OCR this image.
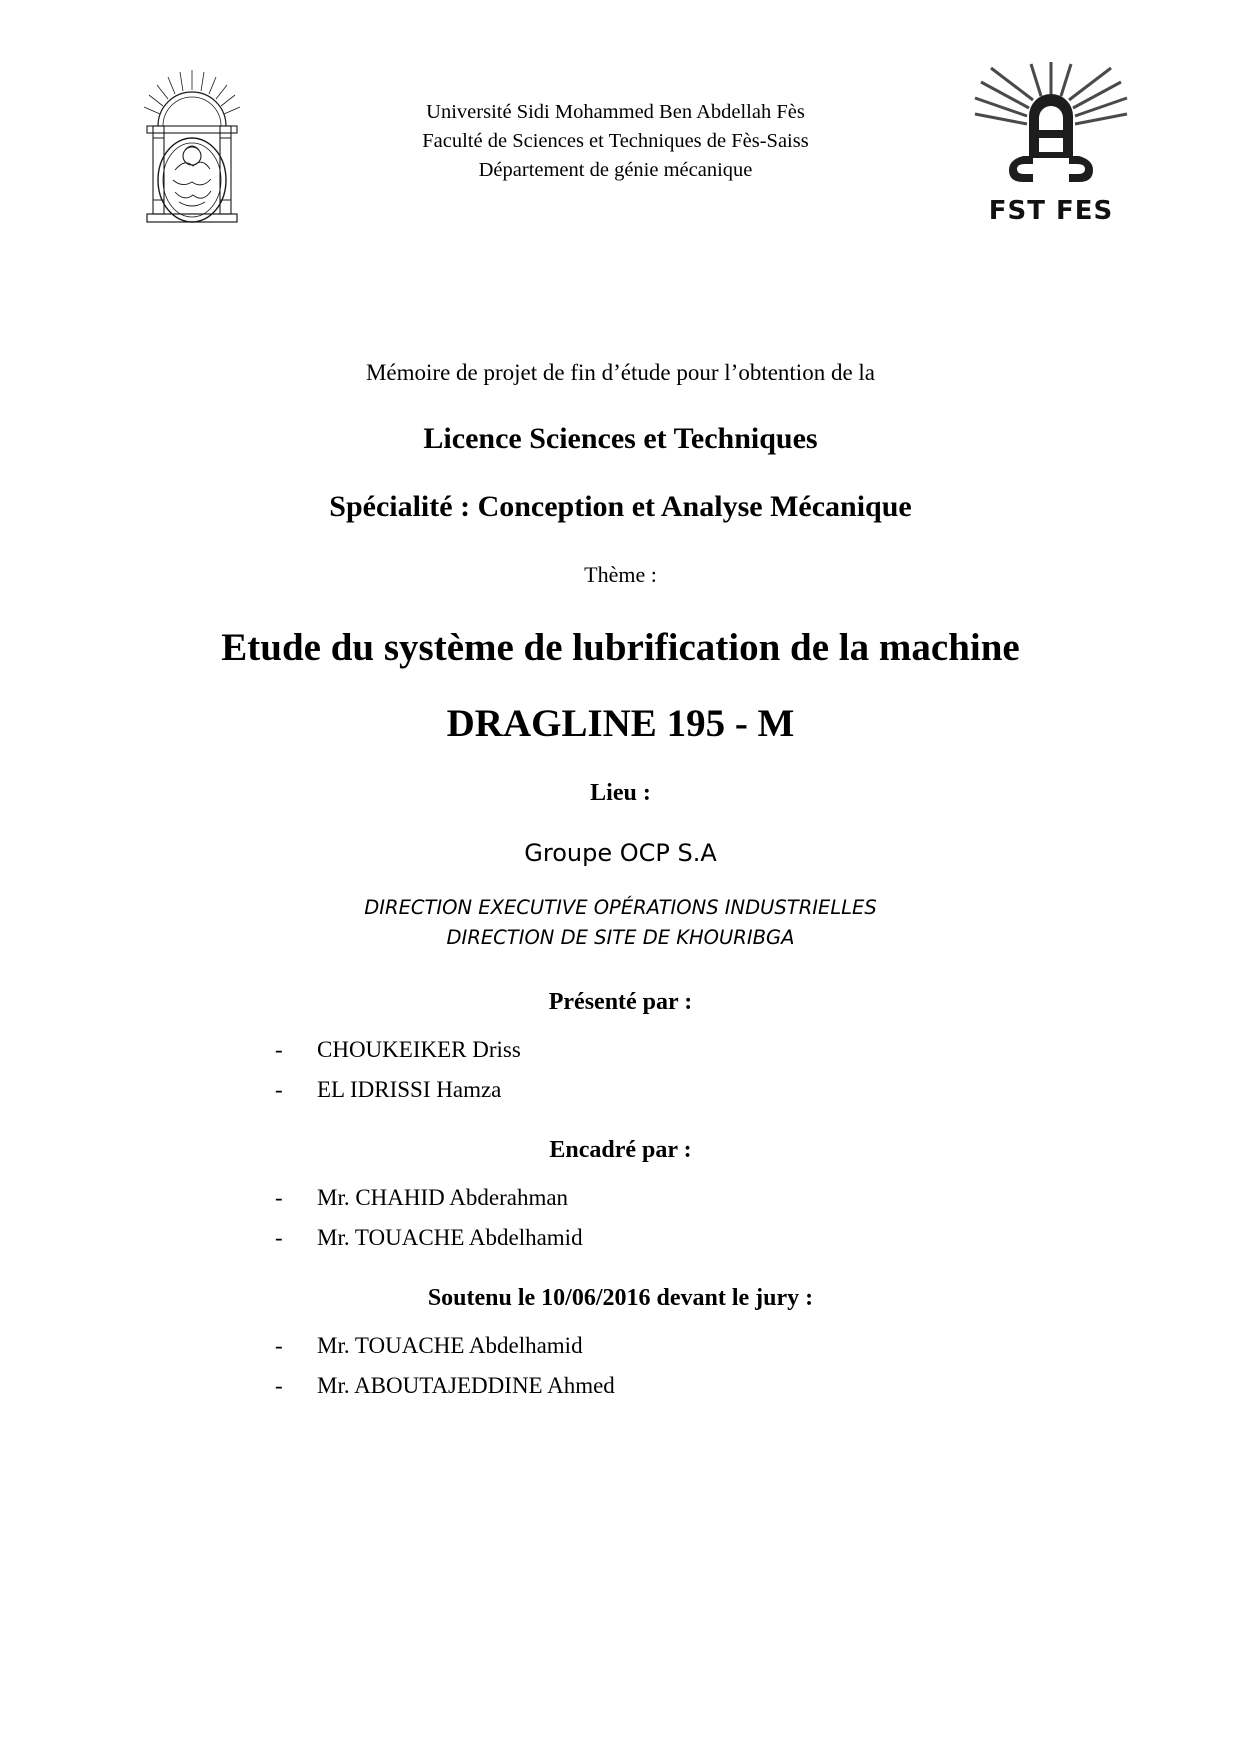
Université Sidi Mohammed Ben Abdellah Fès
Faculté de Sciences et Techniques de Fès-Saiss
Département de génie mécanique
FST FES
Mémoire de projet de fin d’étude pour l’obtention de la
Licence Sciences et Techniques
Spécialité : Conception et Analyse Mécanique
Thème :
Etude du système de lubrification de la machine
DRAGLINE 195 - M
Lieu :
Groupe OCP S.A
DIRECTION EXECUTIVE OPÉRATIONS INDUSTRIELLES
DIRECTION DE SITE DE KHOURIBGA
Présenté par :
-	CHOUKEIKER Driss
-	EL IDRISSI Hamza
Encadré par :
-	Mr. CHAHID Abderahman
-	Mr. TOUACHE Abdelhamid
Soutenu le 10/06/2016 devant le jury :
-	Mr. TOUACHE Abdelhamid
-	Mr. ABOUTAJEDDINE Ahmed
